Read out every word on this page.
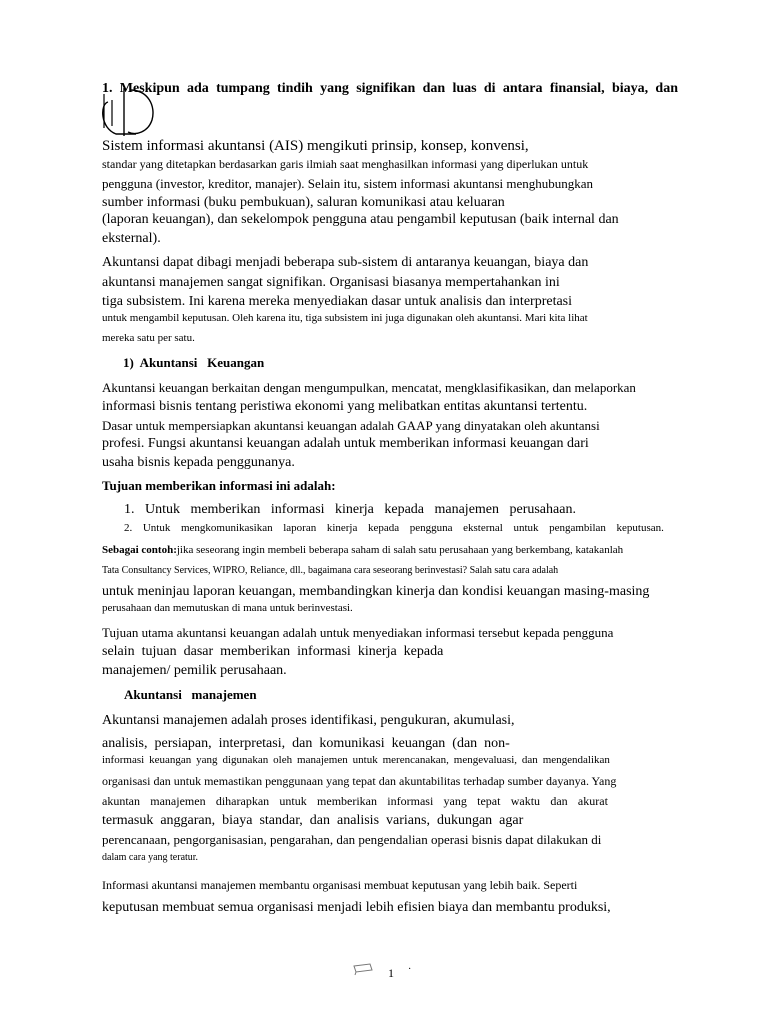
1. Meskipun ada tumpang tindih yang signifikan dan luas di antara finansial, biaya, dan
Sistem informasi akuntansi (AIS) mengikuti prinsip, konsep, konvensi,
standar yang ditetapkan berdasarkan garis ilmiah saat menghasilkan informasi yang diperlukan untuk
pengguna (investor, kreditor, manajer). Selain itu, sistem informasi akuntansi menghubungkan
sumber informasi (buku pembukuan), saluran komunikasi atau keluaran
(laporan keuangan), dan sekelompok pengguna atau pengambil keputusan (baik internal dan
eksternal).
Akuntansi dapat dibagi menjadi beberapa sub-sistem di antaranya keuangan, biaya dan
akuntansi manajemen sangat signifikan. Organisasi biasanya mempertahankan ini
tiga subsistem. Ini karena mereka menyediakan dasar untuk analisis dan interpretasi
untuk mengambil keputusan. Oleh karena itu, tiga subsistem ini juga digunakan oleh akuntansi. Mari kita lihat
mereka satu per satu.
1)  Akuntansi   Keuangan
Akuntansi keuangan berkaitan dengan mengumpulkan, mencatat, mengklasifikasikan, dan melaporkan
informasi bisnis tentang peristiwa ekonomi yang melibatkan entitas akuntansi tertentu.
Dasar untuk mempersiapkan akuntansi keuangan adalah GAAP yang dinyatakan oleh akuntansi
profesi. Fungsi akuntansi keuangan adalah untuk memberikan informasi keuangan dari
usaha bisnis kepada penggunanya.
Tujuan memberikan informasi ini adalah:
1. Untuk memberikan informasi kinerja kepada manajemen perusahaan.
2. Untuk mengkomunikasikan laporan kinerja kepada pengguna eksternal untuk pengambilan keputusan.
Sebagai contoh:jika seseorang ingin membeli beberapa saham di salah satu perusahaan yang berkembang, katakanlah
Tata Consultancy Services, WIPRO, Reliance, dll., bagaimana cara seseorang berinvestasi? Salah satu cara adalah
untuk meninjau laporan keuangan, membandingkan kinerja dan kondisi keuangan masing-masing
perusahaan dan memutuskan di mana untuk berinvestasi.
Tujuan utama akuntansi keuangan adalah untuk menyediakan informasi tersebut kepada pengguna
selain  tujuan  dasar  memberikan  informasi  kinerja  kepada
manajemen/ pemilik perusahaan.
Akuntansi   manajemen
Akuntansi manajemen adalah proses identifikasi, pengukuran, akumulasi,
analisis,  persiapan,  interpretasi,  dan  komunikasi  keuangan  (dan  non-
informasi keuangan yang digunakan oleh manajemen untuk merencanakan, mengevaluasi, dan mengendalikan
organisasi dan untuk memastikan penggunaan yang tepat dan akuntabilitas terhadap sumber dayanya. Yang
akuntan manajemen diharapkan untuk memberikan informasi yang tepat waktu dan akurat
termasuk  anggaran,  biaya  standar,  dan  analisis  varians,  dukungan  agar
perencanaan, pengorganisasian, pengarahan, dan pengendalian operasi bisnis dapat dilakukan di
dalam cara yang teratur.
Informasi akuntansi manajemen membantu organisasi membuat keputusan yang lebih baik. Seperti
keputusan membuat semua organisasi menjadi lebih efisien biaya dan membantu produksi,
1 ·
